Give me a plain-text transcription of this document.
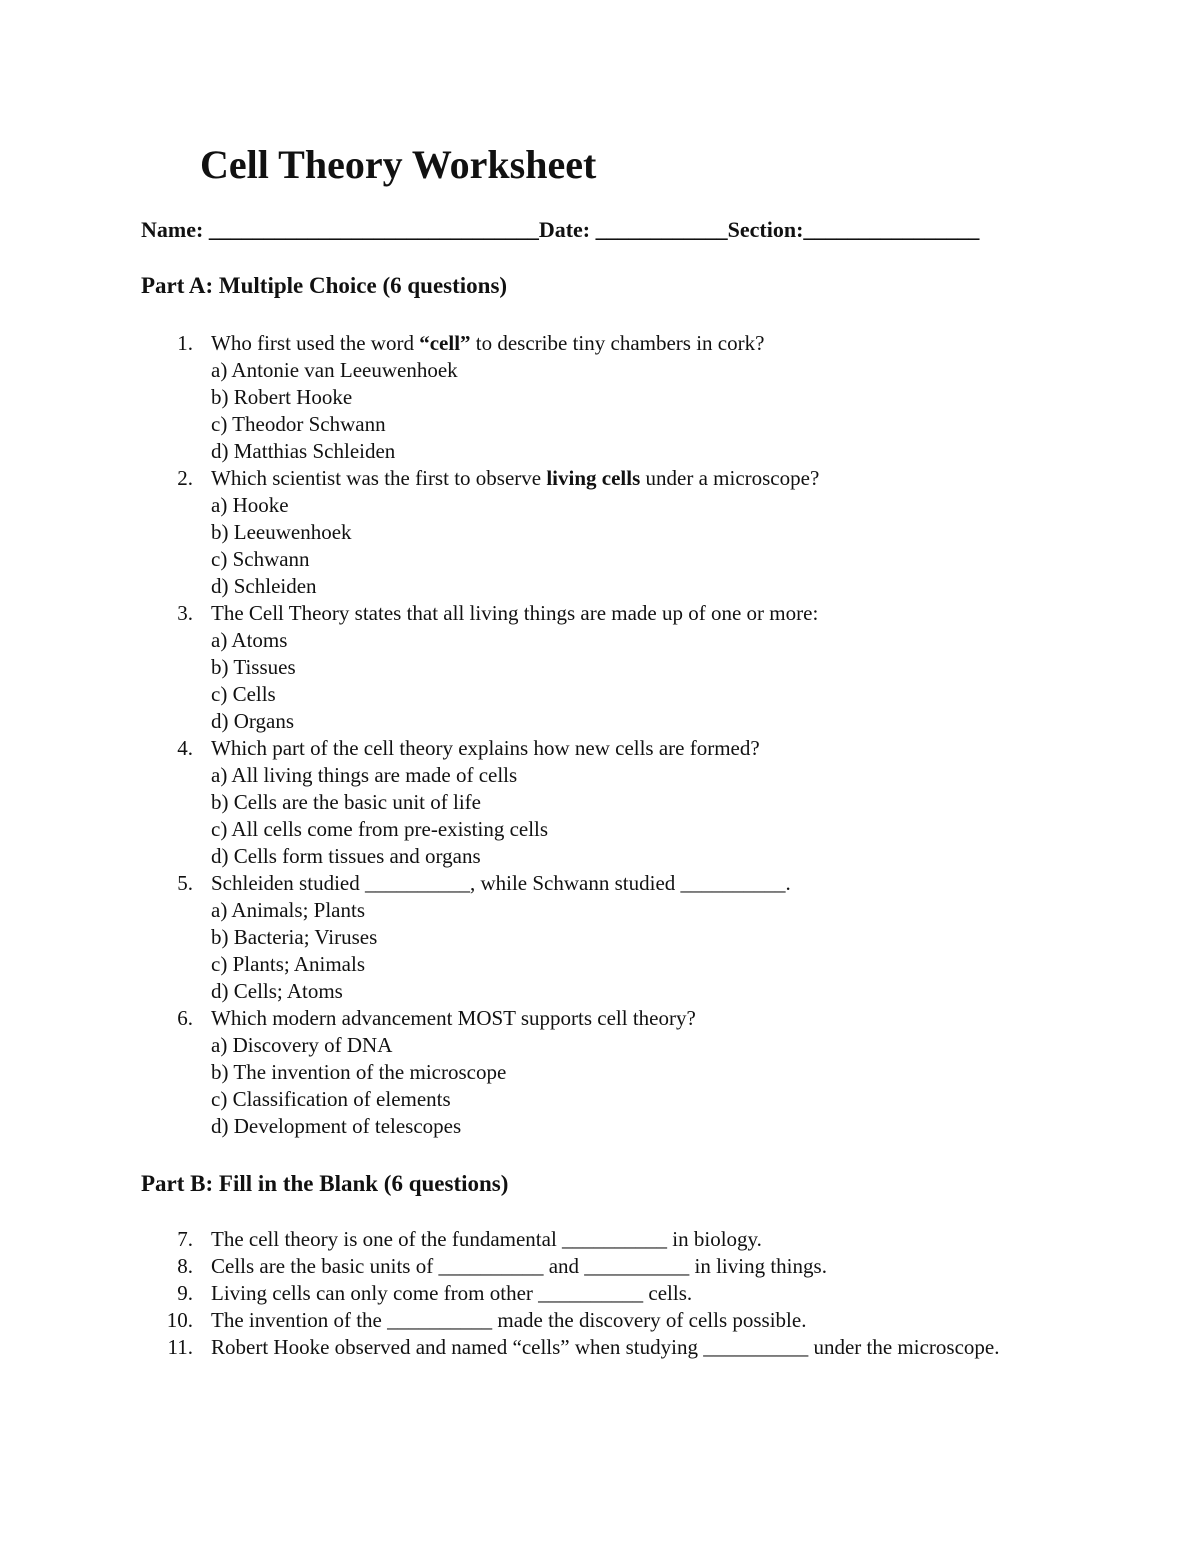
Cell Theory Worksheet
Name: ______________________________Date: ____________Section:________________
Part A: Multiple Choice (6 questions)
1. Who first used the word “cell” to describe tiny chambers in cork?
a) Antonie van Leeuwenhoek
b) Robert Hooke
c) Theodor Schwann
d) Matthias Schleiden
2. Which scientist was the first to observe living cells under a microscope?
a) Hooke
b) Leeuwenhoek
c) Schwann
d) Schleiden
3. The Cell Theory states that all living things are made up of one or more:
a) Atoms
b) Tissues
c) Cells
d) Organs
4. Which part of the cell theory explains how new cells are formed?
a) All living things are made of cells
b) Cells are the basic unit of life
c) All cells come from pre-existing cells
d) Cells form tissues and organs
5. Schleiden studied __________, while Schwann studied __________.
a) Animals; Plants
b) Bacteria; Viruses
c) Plants; Animals
d) Cells; Atoms
6. Which modern advancement MOST supports cell theory?
a) Discovery of DNA
b) The invention of the microscope
c) Classification of elements
d) Development of telescopes
Part B: Fill in the Blank (6 questions)
7. The cell theory is one of the fundamental __________ in biology.
8. Cells are the basic units of __________ and __________ in living things.
9. Living cells can only come from other __________ cells.
10. The invention of the __________ made the discovery of cells possible.
11. Robert Hooke observed and named “cells” when studying __________ under the microscope.
